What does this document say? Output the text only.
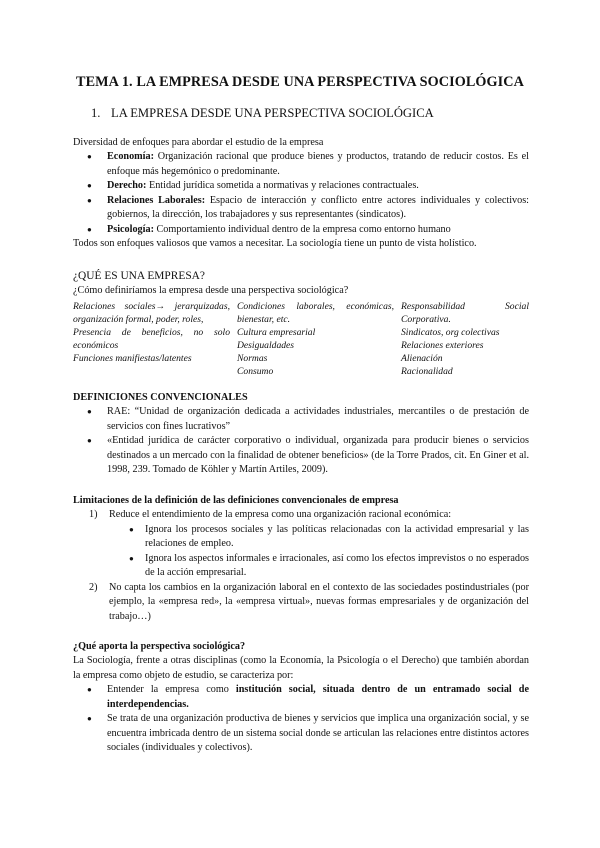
TEMA 1. LA EMPRESA DESDE UNA PERSPECTIVA SOCIOLÓGICA
1. LA EMPRESA DESDE UNA PERSPECTIVA SOCIOLÓGICA

Diversidad de enfoques para abordar el estudio de la empresa

● Economía: Organización racional que produce bienes y productos, tratando de reducir costos. Es el enfoque más hegemónico o predominante.
● Derecho: Entidad jurídica sometida a normativas y relaciones contractuales.
● Relaciones Laborales: Espacio de interacción y conflicto entre actores individuales y colectivos: gobiernos, la dirección, los trabajadores y sus representantes (sindicatos).
● Psicología: Comportamiento individual dentro de la empresa como entorno humano

Todos son enfoques valiosos que vamos a necesitar. La sociología tiene un punto de vista holístico.

¿QUÉ ES UNA EMPRESA?

¿Cómo definiríamos la empresa desde una perspectiva sociológica?

Relaciones sociales→ jerarquizadas, organización formal, poder, roles,
Presencia de beneficios, no solo económicos
Funciones manifiestas/latentes
Condiciones laborales, económicas, bienestar, etc.
Cultura empresarial
Desigualdades
Normas
Consumo
Responsabilidad Social Corporativa.
Sindicatos, org colectivas
Relaciones exteriores
Alienación
Racionalidad

DEFINICIONES CONVENCIONALES

● RAE: “Unidad de organización dedicada a actividades industriales, mercantiles o de prestación de servicios con fines lucrativos”
● «Entidad jurídica de carácter corporativo o individual, organizada para producir bienes o servicios destinados a un mercado con la finalidad de obtener beneficios» (de la Torre Prados, cit. En Giner et al. 1998, 239. Tomado de Köhler y Martín Artiles, 2009).

Limitaciones de la definición de las definiciones convencionales de empresa

1) Reduce el entendimiento de la empresa como una organización racional económica:
● Ignora los procesos sociales y las políticas relacionadas con la actividad empresarial y las relaciones de empleo.
● Ignora los aspectos informales e irracionales, así como los efectos imprevistos o no esperados de la acción empresarial.
2) No capta los cambios en la organización laboral en el contexto de las sociedades postindustriales (por ejemplo, la «empresa red», la «empresa virtual», nuevas formas empresariales y de organización del trabajo…)

¿Qué aporta la perspectiva sociológica?

La Sociología, frente a otras disciplinas (como la Economía, la Psicología o el Derecho) que también abordan la empresa como objeto de estudio, se caracteriza por:

● Entender la empresa como institución social, situada dentro de un entramado social de interdependencias.
● Se trata de una organización productiva de bienes y servicios que implica una organización social, y se encuentra imbricada dentro de un sistema social donde se articulan las relaciones entre distintos actores sociales (individuales y colectivos).
